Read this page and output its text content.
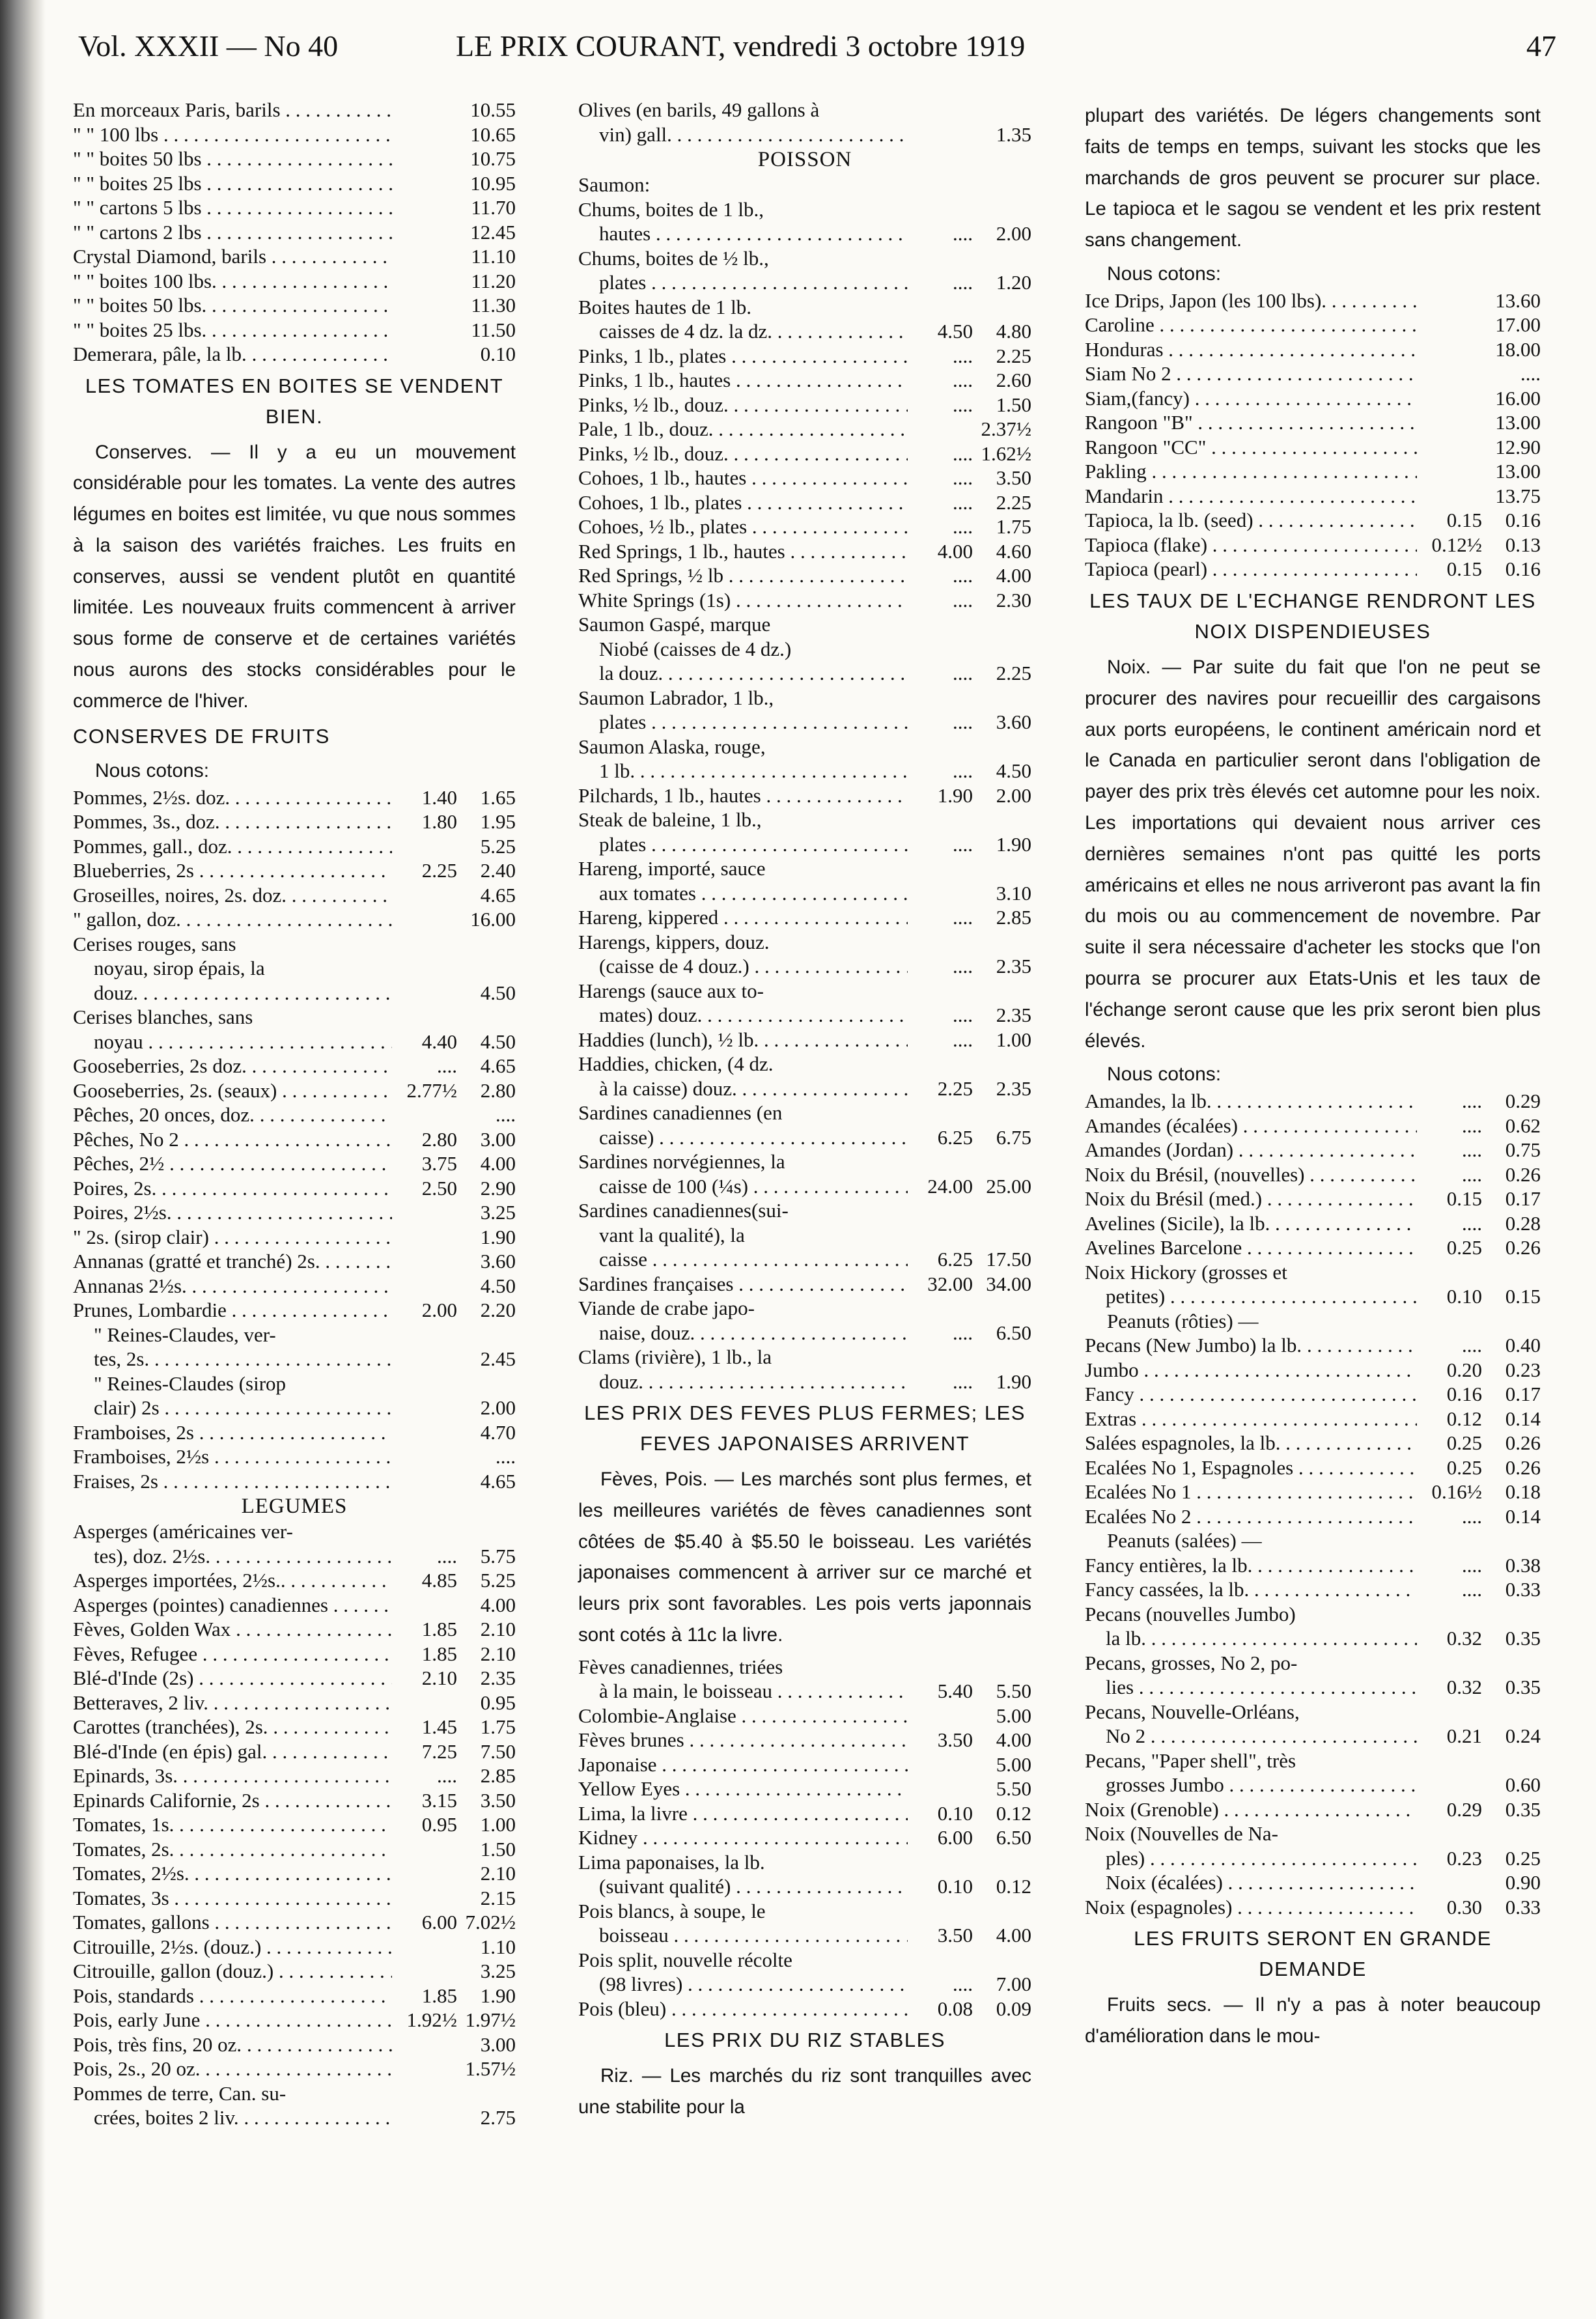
Vol. XXXII — No 40	LE PRIX COURANT, vendredi 3 octobre 1919	47
En morceaux Paris, barils . . .	10.55
" " 100 lbs . . .	10.65
" " boites 50 lbs . . .	10.75
" " boites 25 lbs . . .	10.95
" " cartons 5 lbs . . .	11.70
" " cartons 2 lbs . . .	12.45
Crystal Diamond, barils . . .	11.10
" " boites 100 lbs. . . .	11.20
" " boites 50 lbs. . . .	11.30
" " boites 25 lbs. . . .	11.50
Demerara, pâle, la lb. . . .	0.10
LES TOMATES EN BOITES SE VENDENT BIEN.
Conserves. — Il y a eu un mouvement considérable pour les tomates. La vente des autres légumes en boites est limitée, vu que nous sommes à la saison des variétés fraiches. Les fruits en conserves, aussi se vendent plutôt en quantité limitée. Les nouveaux fruits commencent à arriver sous forme de conserve et de certaines variétés nous aurons des stocks considérables pour le commerce de l'hiver.
CONSERVES DE FRUITS
Nous cotons:
Pommes, 2½s. doz. . . .	1.40	1.65
Pommes, 3s., doz. . . .	1.80	1.95
Pommes, gall., doz. . . .	5.25
Blueberries, 2s . . .	2.25	2.40
Groseilles, noires, 2s. doz. . . .	4.65
" gallon, doz. . . .	16.00
Cerises rouges, sans
noyau, sirop épais, la
douz. . . .	4.50
Cerises blanches, sans
noyau . . .	4.40	4.50
Gooseberries, 2s doz. . . .	....	4.65
Gooseberries, 2s. (seaux) . . .	2.77½	2.80
Pêches, 20 onces, doz. . . .	....
Pêches, No 2 . . .	2.80	3.00
Pêches, 2½ . . .	3.75	4.00
Poires, 2s. . . .	2.50	2.90
Poires, 2½s. . . .	3.25
" 2s. (sirop clair) . . .	1.90
Annanas (gratté et tranché) 2s. . . .	3.60
Annanas 2½s. . . .	4.50
Prunes, Lombardie . . .	2.00	2.20
" Reines-Claudes, ver-
tes, 2s. . . .	2.45
" Reines-Claudes (sirop
clair) 2s . . .	2.00
Framboises, 2s . . .	4.70
Framboises, 2½s . . .	....
Fraises, 2s . . .	4.65
LEGUMES
Asperges (américaines ver-
tes), doz. 2½s. . . .	....	5.75
Asperges importées, 2½s.. . . .	4.85	5.25
Asperges (pointes) canadiennes . . .	4.00
Fèves, Golden Wax . . .	1.85	2.10
Fèves, Refugee . . .	1.85	2.10
Blé-d'Inde (2s) . . .	2.10	2.35
Betteraves, 2 liv. . . .	0.95
Carottes (tranchées), 2s. . . .	1.45	1.75
Blé-d'Inde (en épis) gal. . . .	7.25	7.50
Epinards, 3s. . . .	....	2.85
Epinards Californie, 2s . . .	3.15	3.50
Tomates, 1s. . . .	0.95	1.00
Tomates, 2s. . . .	1.50
Tomates, 2½s. . . .	2.10
Tomates, 3s . . .	2.15
Tomates, gallons . . .	6.00 7.02½
Citrouille, 2½s. (douz.) . . .	1.10
Citrouille, gallon (douz.) . . .	3.25
Pois, standards . . .	1.85	1.90
Pois, early June . . .	1.92½ 1.97½
Pois, très fins, 20 oz. . . .	3.00
Pois, 2s., 20 oz. . . .	1.57½
Pommes de terre, Can. su-
crées, boites 2 liv. . . .	2.75
Olives (en barils, 49 gallons à
vin) gall. . . .	1.35
POISSON
Saumon:
Chums, boites de 1 lb.,
hautes . . .	....	2.00
Chums, boites de ½ lb.,
plates . . .	....	1.20
Boites hautes de 1 lb.
caisses de 4 dz. la dz. . . .	4.50	4.80
Pinks, 1 lb., plates . . .	....	2.25
Pinks, 1 lb., hautes . . .	....	2.60
Pinks, ½ lb., douz. . . .	....	1.50
Pale, 1 lb., douz. . . .	2.37½
Pinks, ½ lb., douz. . . .	.... 1.62½
Cohoes, 1 lb., hautes . . .	....	3.50
Cohoes, 1 lb., plates . . .	....	2.25
Cohoes, ½ lb., plates . . .	....	1.75
Red Springs, 1 lb., hautes . . .	4.00	4.60
Red Springs, ½ lb . . .	....	4.00
White Springs (1s) . . .	....	2.30
Saumon Gaspé, marque
Niobé (caisses de 4 dz.)
la douz. . . .	....	2.25
Saumon Labrador, 1 lb.,
plates . . .	....	3.60
Saumon Alaska, rouge,
1 lb. . . .	....	4.50
Pilchards, 1 lb., hautes . . .	1.90	2.00
Steak de baleine, 1 lb.,
plates . . .	....	1.90
Hareng, importé, sauce
aux tomates . . .	3.10
Hareng, kippered . . .	....	2.85
Harengs, kippers, douz.
(caisse de 4 douz.) . . .	....	2.35
Harengs (sauce aux to-
mates) douz. . . .	....	2.35
Haddies (lunch), ½ lb. . . .	....	1.00
Haddies, chicken, (4 dz.
à la caisse) douz. . . .	2.25	2.35
Sardines canadiennes (en
caisse) . . .	6.25	6.75
Sardines norvégiennes, la
caisse de 100 (¼s) . . .	24.00 25.00
Sardines canadiennes(sui-
vant la qualité), la
caisse . . .	6.25 17.50
Sardines françaises . . .	32.00 34.00
Viande de crabe japo-
naise, douz. . . .	....	6.50
Clams (rivière), 1 lb., la
douz. . . .	....	1.90
LES PRIX DES FEVES PLUS FERMES; LES FEVES JAPONAISES ARRIVENT
Fèves, Pois. — Les marchés sont plus fermes, et les meilleures variétés de fèves canadiennes sont côtées de $5.40 à $5.50 le boisseau. Les variétés japonaises commencent à arriver sur ce marché et leurs prix sont favorables. Les pois verts japonnais sont cotés à 11c la livre.
Fèves canadiennes, triées
à la main, le boisseau . . .	5.40	5.50
Colombie-Anglaise . . .	5.00
Fèves brunes . . .	3.50	4.00
Japonaise . . .	5.00
Yellow Eyes . . .	5.50
Lima, la livre . . .	0.10	0.12
Kidney . . .	6.00	6.50
Lima paponaises, la lb.
(suivant qualité) . . .	0.10	0.12
Pois blancs, à soupe, le
boisseau . . .	3.50	4.00
Pois split, nouvelle récolte
(98 livres) . . .	....	7.00
Pois (bleu) . . .	0.08	0.09
LES PRIX DU RIZ STABLES
Riz. — Les marchés du riz sont tranquilles avec une stabilite pour la
plupart des variétés. De légers changements sont faits de temps en temps, suivant les stocks que les marchands de gros peuvent se procurer sur place. Le tapioca et le sagou se vendent et les prix restent sans changement.
Nous cotons:
Ice Drips, Japon (les 100 lbs). . . .	13.60
Caroline . . .	17.00
Honduras . . .	18.00
Siam No 2 . . .	....
Siam,(fancy) . . .	16.00
Rangoon "B" . . .	13.00
Rangoon "CC" . . .	12.90
Pakling . . .	13.00
Mandarin . . .	13.75
Tapioca, la lb. (seed) . . .	0.15	0.16
Tapioca (flake) . . .	0.12½	0.13
Tapioca (pearl) . . .	0.15	0.16
LES TAUX DE L'ECHANGE RENDRONT LES NOIX DISPENDIEUSES
Noix. — Par suite du fait que l'on ne peut se procurer des navires pour recueillir des cargaisons aux ports européens, le continent américain nord et le Canada en particulier seront dans l'obligation de payer des prix très élevés cet automne pour les noix. Les importations qui devaient nous arriver ces dernières semaines n'ont pas quitté les ports américains et elles ne nous arriveront pas avant la fin du mois ou au commencement de novembre. Par suite il sera nécessaire d'acheter les stocks que l'on pourra se procurer aux Etats-Unis et les taux de l'échange seront cause que les prix seront bien plus élevés.
Nous cotons:
Amandes, la lb. . . .	....	0.29
Amandes (écalées) . . .	....	0.62
Amandes (Jordan) . . .	....	0.75
Noix du Brésil, (nouvelles) . . .	....	0.26
Noix du Brésil (med.) . . .	0.15	0.17
Avelines (Sicile), la lb. . . .	....	0.28
Avelines Barcelone . . .	0.25	0.26
Noix Hickory (grosses et
petites) . . .	0.10	0.15
Peanuts (rôties) —
Pecans (New Jumbo) la lb. . . .	....	0.40
Jumbo . . .	0.20	0.23
Fancy . . .	0.16	0.17
Extras . . .	0.12	0.14
Salées espagnoles, la lb. . . .	0.25	0.26
Ecalées No 1, Espagnoles . . .	0.25	0.26
Ecalées No 1 . . .	0.16½	0.18
Ecalées No 2 . . .	....	0.14
Peanuts (salées) —
Fancy entières, la lb. . . .	....	0.38
Fancy cassées, la lb. . . .	....	0.33
Pecans (nouvelles Jumbo)
la lb. . . .	0.32	0.35
Pecans, grosses, No 2, po-
lies . . .	0.32	0.35
Pecans, Nouvelle-Orléans,
No 2 . . .	0.21	0.24
Pecans, "Paper shell", très
grosses Jumbo . . .	0.60
Noix (Grenoble) . . .	0.29	0.35
Noix (Nouvelles de Na-
ples) . . .	0.23	0.25
Noix (écalées) . . .	0.90
Noix (espagnoles) . . .	0.30	0.33
LES FRUITS SERONT EN GRANDE DEMANDE
Fruits secs. — Il n'y a pas à noter beaucoup d'amélioration dans le mou-
